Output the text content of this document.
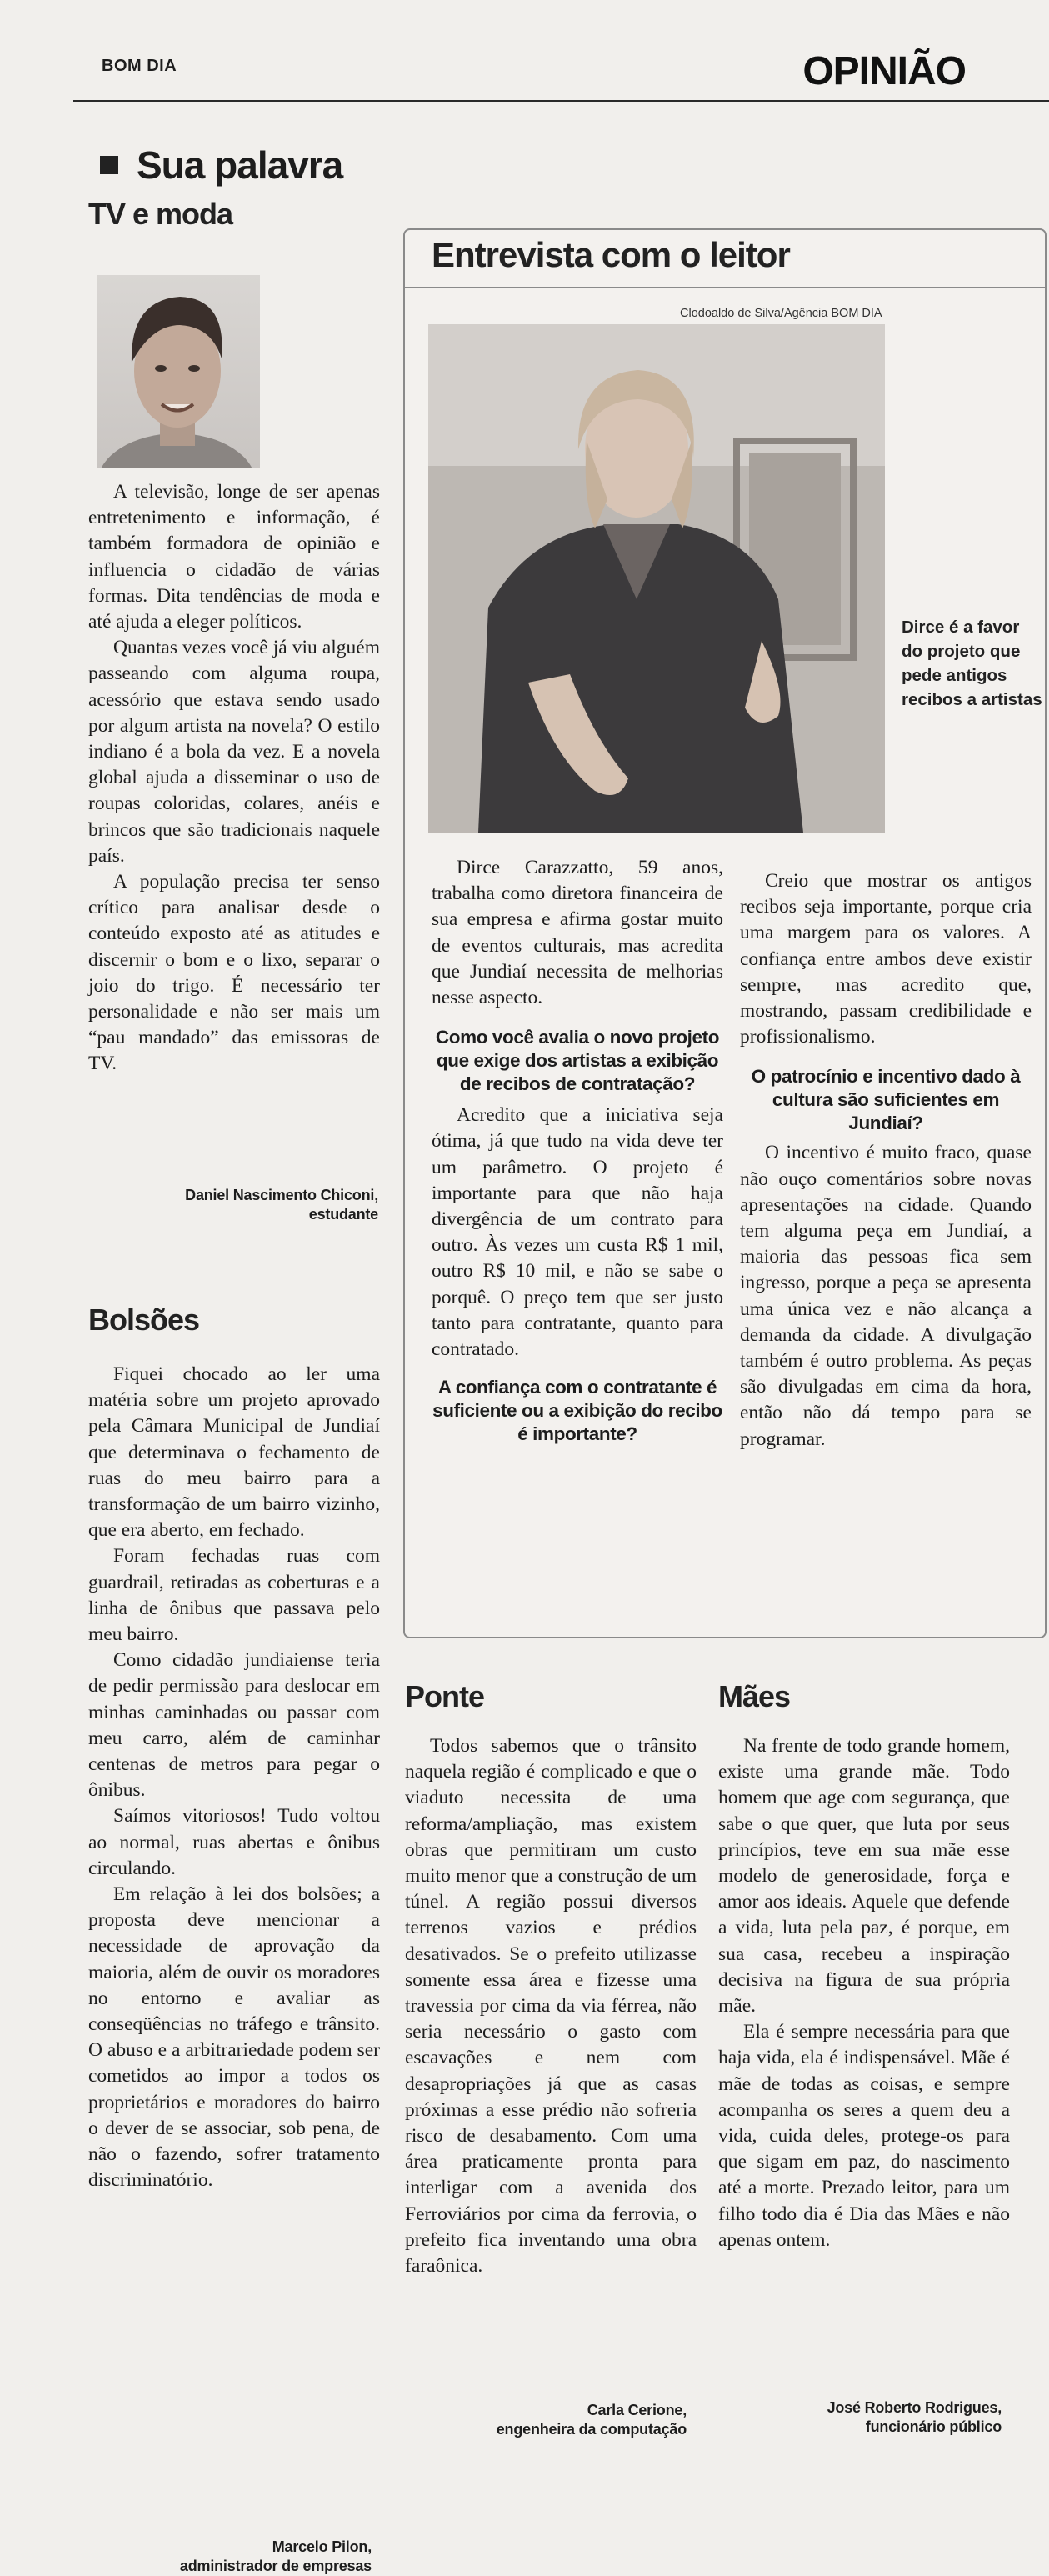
BOM DIA	OPINIÃO
Sua palavra
TV e moda

A televisão, longe de ser apenas entretenimento e informação, é também formadora de opinião e influencia o cidadão de várias formas. Dita tendências de moda e até ajuda a eleger políticos.

Quantas vezes você já viu alguém passeando com alguma roupa, acessório que estava sendo usado por algum artista na novela? O estilo indiano é a bola da vez. E a novela global ajuda a disseminar o uso de roupas coloridas, colares, anéis e brincos que são tradicionais naquele país.

A população precisa ter senso crítico para analisar desde o conteúdo exposto até as atitudes e discernir o bom e o lixo, separar o joio do trigo. É necessário ter personalidade e não ser mais um “pau mandado” das emissoras de TV.

Daniel Nascimento Chiconi,
estudante
Bolsões

Fiquei chocado ao ler uma matéria sobre um projeto aprovado pela Câmara Municipal de Jundiaí que determinava o fechamento de ruas do meu bairro para a transformação de um bairro vizinho, que era aberto, em fechado.

Foram fechadas ruas com guardrail, retiradas as coberturas e a linha de ônibus que passava pelo meu bairro.

Como cidadão jundiaiense teria de pedir permissão para deslocar em minhas caminhadas ou passar com meu carro, além de caminhar centenas de metros para pegar o ônibus.

Saímos vitoriosos! Tudo voltou ao normal, ruas abertas e ônibus circulando.

Em relação à lei dos bolsões; a proposta deve mencionar a necessidade de aprovação da maioria, além de ouvir os moradores no entorno e avaliar as conseqüências no tráfego e trânsito. O abuso e a arbitrariedade podem ser cometidos ao impor a todos os proprietários e moradores do bairro o dever de se associar, sob pena, de não o fazendo, sofrer tratamento discriminatório.

Marcelo Pilon,
administrador de empresas
Entrevista com o leitor
Clodoaldo de Silva/Agência BOM DIA
Dirce é a favor do projeto que pede antigos recibos a artistas

Dirce Carazzatto, 59 anos, trabalha como diretora financeira de sua empresa e afirma gostar muito de eventos culturais, mas acredita que Jundiaí necessita de melhorias nesse aspecto.

Como você avalia o novo projeto que exige dos artistas a exibição de recibos de contratação?

Acredito que a iniciativa seja ótima, já que tudo na vida deve ter um parâmetro. O projeto é importante para que não haja divergência de um contrato para outro. Às vezes um custa R$ 1 mil, outro R$ 10 mil, e não se sabe o porquê. O preço tem que ser justo tanto para contratante, quanto para contratado.

A confiança com o contratante é suficiente ou a exibição do recibo é importante?

Creio que mostrar os antigos recibos seja importante, porque cria uma margem para os valores. A confiança entre ambos deve existir sempre, mas acredito que, mostrando, passam credibilidade e profissionalismo.

O patrocínio e incentivo dado à cultura são suficientes em Jundiaí?

O incentivo é muito fraco, quase não ouço comentários sobre novas apresentações na cidade. Quando tem alguma peça em Jundiaí, a maioria das pessoas fica sem ingresso, porque a peça se apresenta uma única vez e não alcança a demanda da cidade. A divulgação também é outro problema. As peças são divulgadas em cima da hora, então não dá tempo para se programar.

Ponte

Todos sabemos que o trânsito naquela região é complicado e que o viaduto necessita de uma reforma/ampliação, mas existem obras que permitiram um custo muito menor que a construção de um túnel. A região possui diversos terrenos vazios e prédios desativados. Se o prefeito utilizasse somente essa área e fizesse uma travessia por cima da via férrea, não seria necessário o gasto com escavações e nem com desapropriações já que as casas próximas a esse prédio não sofreria risco de desabamento. Com uma área praticamente pronta para interligar com a avenida dos Ferroviários por cima da ferrovia, o prefeito fica inventando uma obra faraônica.

Carla Cerione,
engenheira da computação
Mães

Na frente de todo grande homem, existe uma grande mãe. Todo homem que age com segurança, que sabe o que quer, que luta por seus princípios, teve em sua mãe esse modelo de generosidade, força e amor aos ideais. Aquele que defende a vida, luta pela paz, é porque, em sua casa, recebeu a inspiração decisiva na figura de sua própria mãe.

Ela é sempre necessária para que haja vida, ela é indispensável. Mãe é mãe de todas as coisas, e sempre acompanha os seres a quem deu a vida, cuida deles, protege-os para que sigam em paz, do nascimento até a morte. Prezado leitor, para um filho todo dia é Dia das Mães e não apenas ontem.

José Roberto Rodrigues,
funcionário público
